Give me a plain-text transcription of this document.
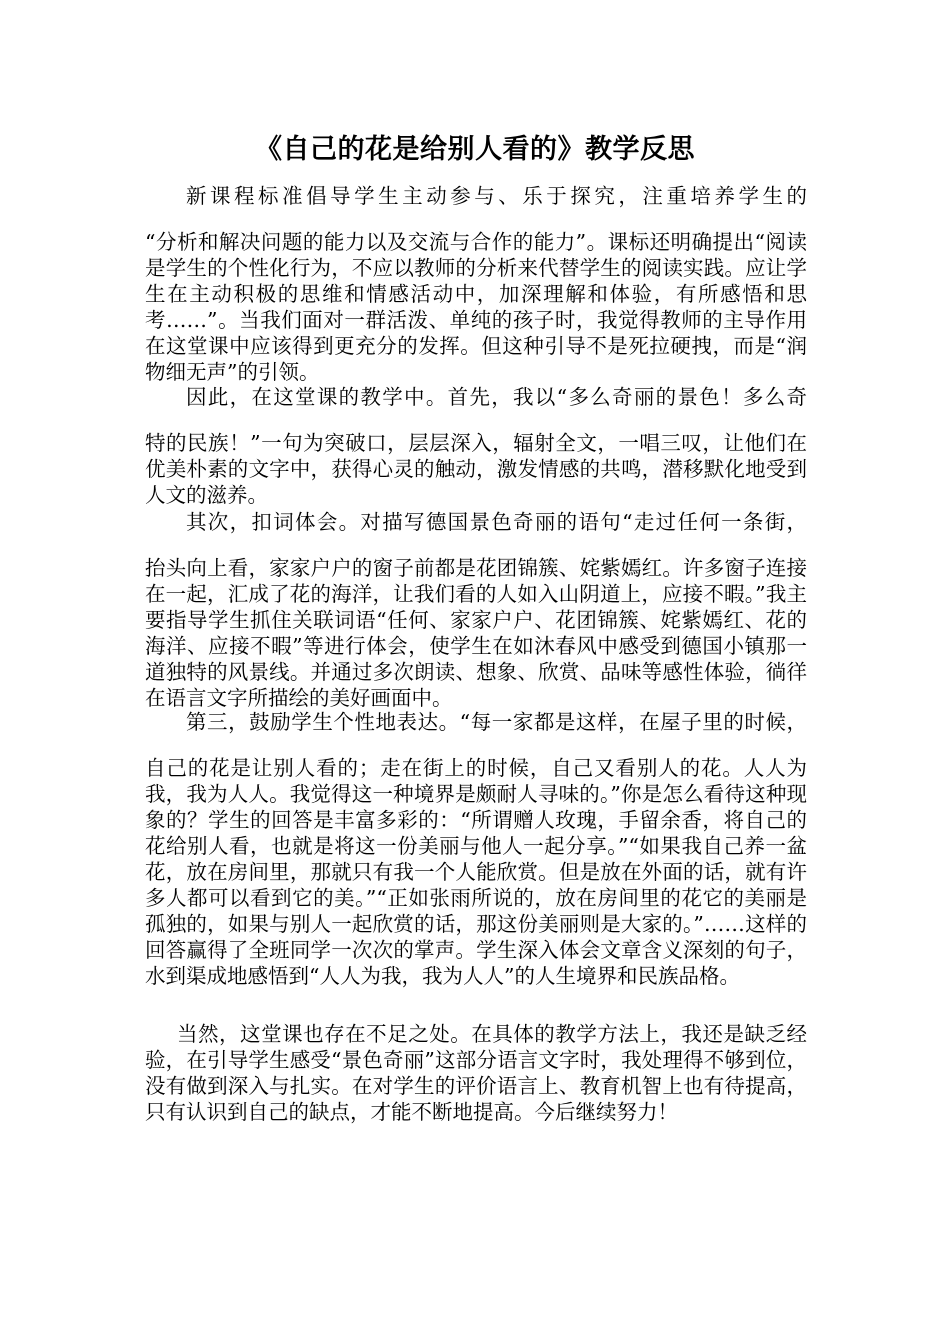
《自己的花是给别人看的》教学反思
新课程标准倡导学生主动参与、乐于探究，注重培养学生的
“分析和解决问题的能力以及交流与合作的能力”。课标还明确提出“阅读是学生的个性化行为，不应以教师的分析来代替学生的阅读实践。应让学生在主动积极的思维和情感活动中，加深理解和体验，有所感悟和思考……”。当我们面对一群活泼、单纯的孩子时，我觉得教师的主导作用在这堂课中应该得到更充分的发挥。但这种引导不是死拉硬拽，而是“润物细无声”的引领。
因此，在这堂课的教学中。首先，我以“多么奇丽的景色！多么奇
特的民族！”一句为突破口，层层深入，辐射全文，一唱三叹，让他们在优美朴素的文字中，获得心灵的触动，激发情感的共鸣，潜移默化地受到人文的滋养。
其次，扣词体会。对描写德国景色奇丽的语句“走过任何一条街，
抬头向上看，家家户户的窗子前都是花团锦簇、姹紫嫣红。许多窗子连接在一起，汇成了花的海洋，让我们看的人如入山阴道上，应接不暇。”我主要指导学生抓住关联词语“任何、家家户户、花团锦簇、姹紫嫣红、花的海洋、应接不暇”等进行体会，使学生在如沐春风中感受到德国小镇那一道独特的风景线。并通过多次朗读、想象、欣赏、品味等感性体验，徜徉在语言文字所描绘的美好画面中。
第三，鼓励学生个性地表达。“每一家都是这样，在屋子里的时候，
自己的花是让别人看的；走在街上的时候，自己又看别人的花。人人为我，我为人人。我觉得这一种境界是颇耐人寻味的。”你是怎么看待这种现象的？学生的回答是丰富多彩的：“所谓赠人玫瑰，手留余香，将自己的花给别人看，也就是将这一份美丽与他人一起分享。”“如果我自己养一盆花，放在房间里，那就只有我一个人能欣赏。但是放在外面的话，就有许多人都可以看到它的美。”“正如张雨所说的，放在房间里的花它的美丽是孤独的，如果与别人一起欣赏的话，那这份美丽则是大家的。”……这样的回答赢得了全班同学一次次的掌声。学生深入体会文章含义深刻的句子，水到渠成地感悟到“人人为我，我为人人”的人生境界和民族品格。
当然，这堂课也存在不足之处。在具体的教学方法上，我还是缺乏经验，在引导学生感受“景色奇丽”这部分语言文字时，我处理得不够到位，没有做到深入与扎实。在对学生的评价语言上、教育机智上也有待提高，只有认识到自己的缺点，才能不断地提高。今后继续努力！
